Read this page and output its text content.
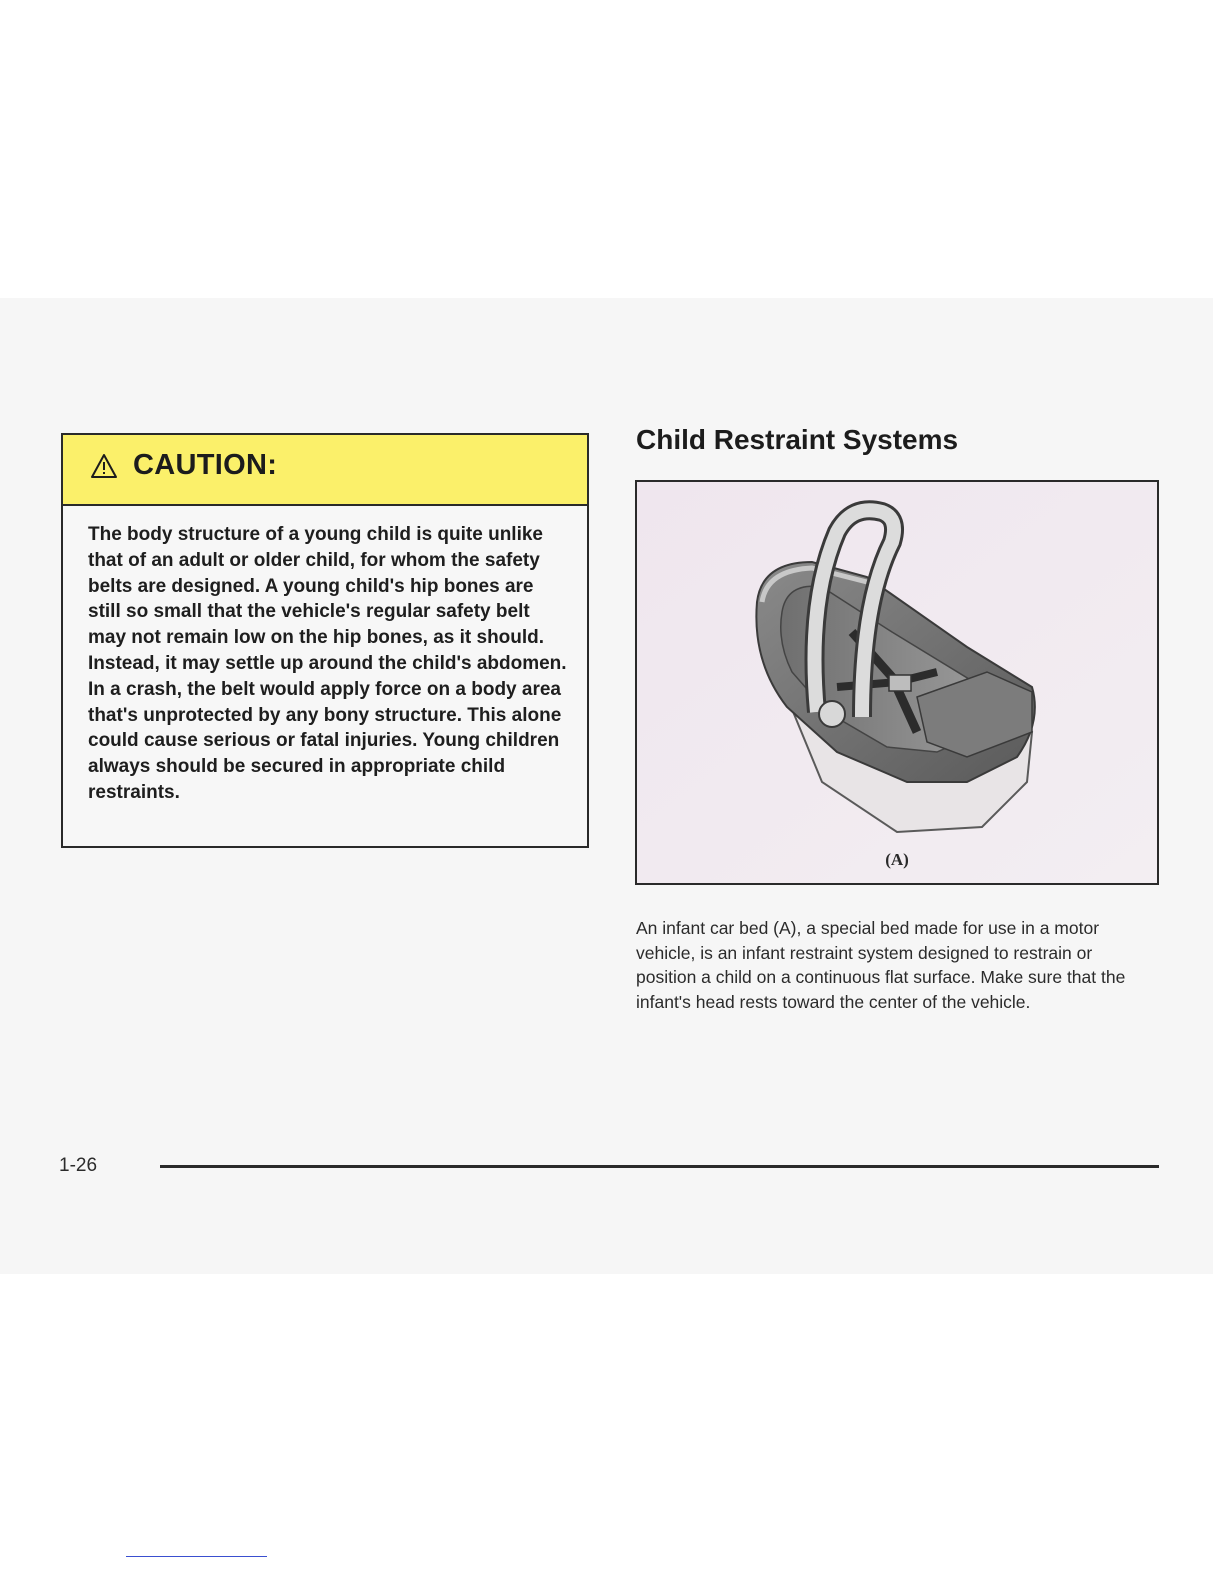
CAUTION:
The body structure of a young child is quite unlike that of an adult or older child, for whom the safety belts are designed. A young child's hip bones are still so small that the vehicle's regular safety belt may not remain low on the hip bones, as it should. Instead, it may settle up around the child's abdomen. In a crash, the belt would apply force on a body area that's unprotected by any bony structure. This alone could cause serious or fatal injuries. Young children always should be secured in appropriate child restraints.
Child Restraint Systems
(A)
An infant car bed (A), a special bed made for use in a motor vehicle, is an infant restraint system designed to restrain or position a child on a continuous flat surface. Make sure that the infant's head rests toward the center of the vehicle.
1-26
